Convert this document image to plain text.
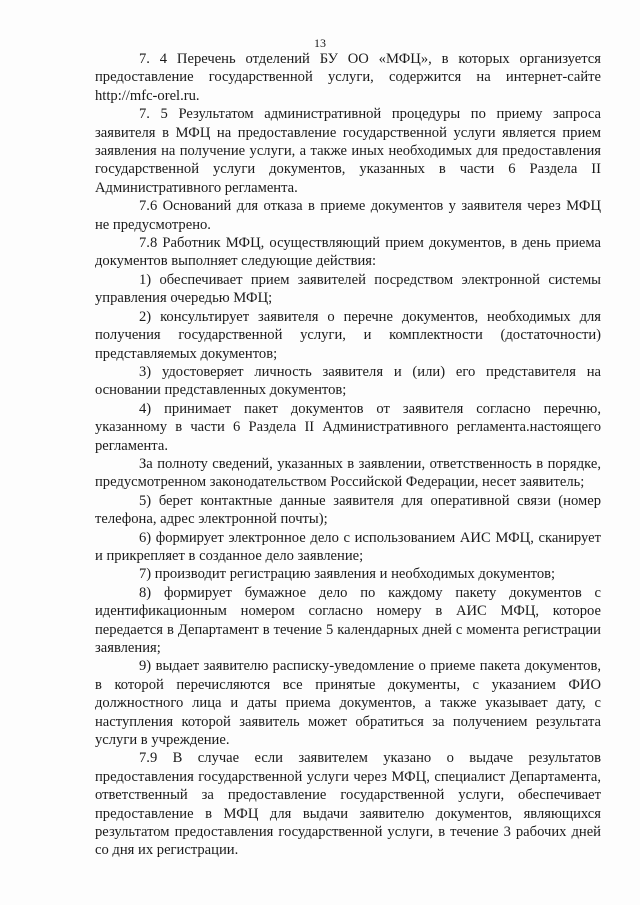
13

7. 4 Перечень отделений БУ ОО «МФЦ», в которых организуется предоставление государственной услуги, содержится на интернет-сайте http://mfc-orel.ru.

7. 5 Результатом административной процедуры по приему запроса заявителя в МФЦ на предоставление государственной услуги является прием заявления на получение услуги, а также иных необходимых для предоставления государственной услуги документов, указанных в части 6 Раздела II Административного регламента.

7.6 Оснований для отказа в приеме документов у заявителя через МФЦ не предусмотрено.

7.8 Работник МФЦ, осуществляющий прием документов, в день приема документов выполняет следующие действия:

1) обеспечивает прием заявителей посредством электронной системы управления очередью МФЦ;

2) консультирует заявителя о перечне документов, необходимых для получения государственной услуги, и комплектности (достаточности) представляемых документов;

3) удостоверяет личность заявителя и (или) его представителя на основании представленных документов;

4) принимает пакет документов от заявителя согласно перечню, указанному в части 6 Раздела II Административного регламента.настоящего регламента.

За полноту сведений, указанных в заявлении, ответственность в порядке, предусмотренном законодательством Российской Федерации, несет заявитель;

5) берет контактные данные заявителя для оперативной связи (номер телефона, адрес электронной почты);

6) формирует электронное дело с использованием АИС МФЦ, сканирует и прикрепляет в созданное дело заявление;

7) производит регистрацию заявления и необходимых документов;

8) формирует бумажное дело по каждому пакету документов с идентификационным номером согласно номеру в АИС МФЦ, которое передается в Департамент в течение 5 календарных дней с момента регистрации заявления;

9) выдает заявителю расписку-уведомление о приеме пакета документов, в которой перечисляются все принятые документы, с указанием ФИО должностного лица и даты приема документов, а также указывает дату, с наступления которой заявитель может обратиться за получением результата услуги в учреждение.

7.9 В случае если заявителем указано о выдаче результатов предоставления государственной услуги через МФЦ, специалист Департамента, ответственный за предоставление государственной услуги, обеспечивает предоставление в МФЦ для выдачи заявителю документов, являющихся результатом предоставления государственной услуги, в течение 3 рабочих дней со дня их регистрации.
